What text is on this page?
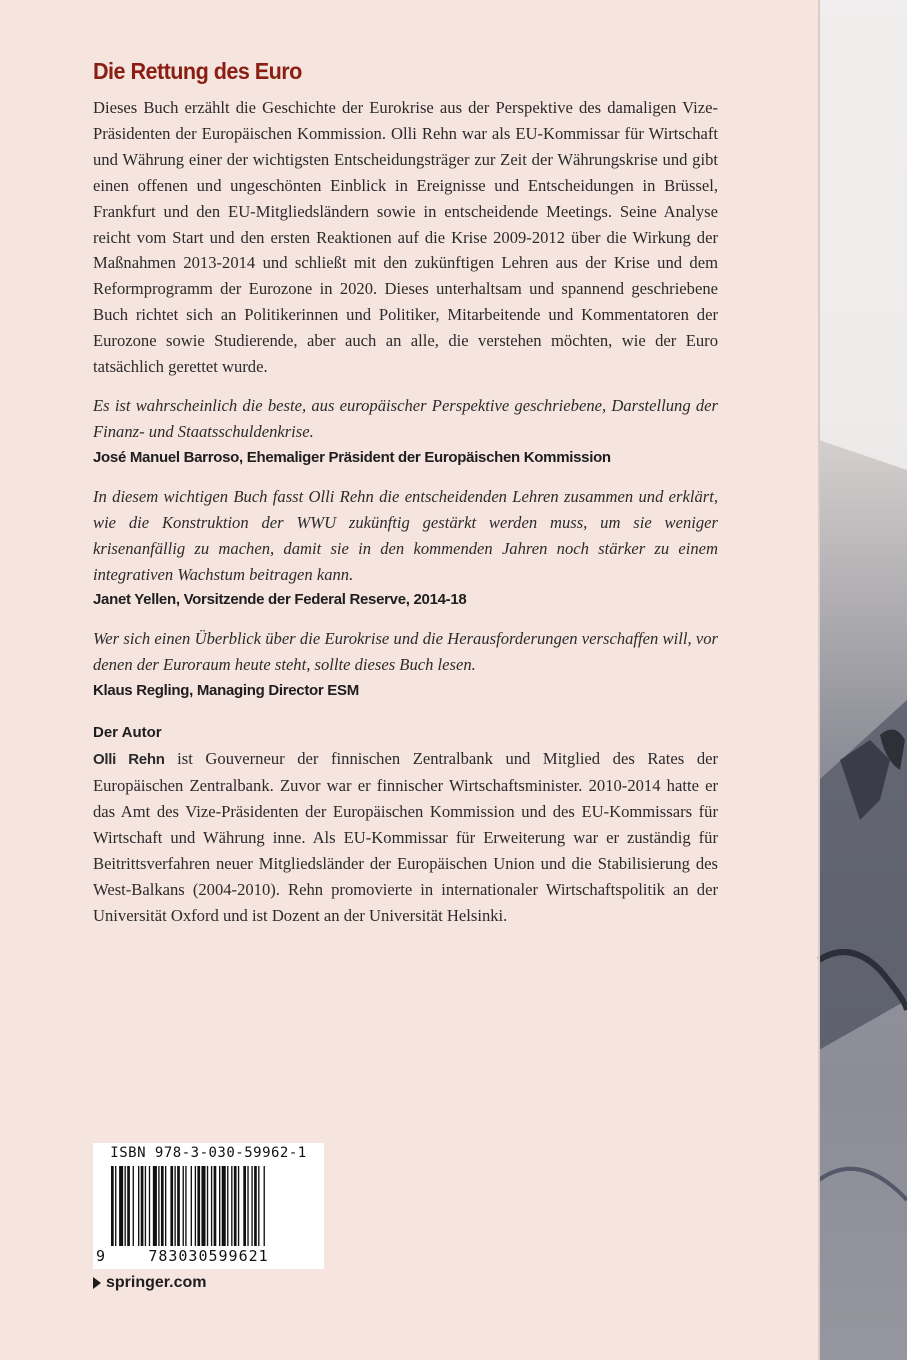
Die Rettung des Euro

Dieses Buch erzählt die Geschichte der Eurokrise aus der Perspektive des damaligen Vize-Präsidenten der Europäischen Kommission. Olli Rehn war als EU-Kommissar für Wirtschaft und Währung einer der wichtigsten Entscheidungsträger zur Zeit der Währungskrise und gibt einen offenen und ungeschönten Einblick in Ereignisse und Entscheidungen in Brüssel, Frankfurt und den EU-Mitgliedsländern sowie in entscheidende Meetings. Seine Analyse reicht vom Start und den ersten Reaktionen auf die Krise 2009-2012 über die Wirkung der Maßnahmen 2013-2014 und schließt mit den zukünftigen Lehren aus der Krise und dem Reformprogramm der Eurozone in 2020. Dieses unterhaltsam und spannend geschriebene Buch richtet sich an Politikerinnen und Politiker, Mitarbeitende und Kommentatoren der Eurozone sowie Studierende, aber auch an alle, die verstehen möchten, wie der Euro tatsächlich gerettet wurde.

Es ist wahrscheinlich die beste, aus europäischer Perspektive geschriebene, Darstellung der Finanz- und Staatsschuldenkrise.

José Manuel Barroso, Ehemaliger Präsident der Europäischen Kommission

In diesem wichtigen Buch fasst Olli Rehn die entscheidenden Lehren zusammen und erklärt, wie die Konstruktion der WWU zukünftig gestärkt werden muss, um sie weniger krisenanfällig zu machen, damit sie in den kommenden Jahren noch stärker zu einem integrativen Wachstum beitragen kann.

Janet Yellen, Vorsitzende der Federal Reserve, 2014-18

Wer sich einen Überblick über die Eurokrise und die Herausforderungen verschaffen will, vor denen der Euroraum heute steht, sollte dieses Buch lesen.

Klaus Regling, Managing Director ESM

Der Autor

Olli Rehn ist Gouverneur der finnischen Zentralbank und Mitglied des Rates der Europäischen Zentralbank. Zuvor war er finnischer Wirtschaftsminister. 2010-2014 hatte er das Amt des Vize-Präsidenten der Europäischen Kommission und des EU-Kommissars für Wirtschaft und Währung inne. Als EU-Kommissar für Erweiterung war er zuständig für Beitrittsverfahren neuer Mitgliedsländer der Europäischen Union und die Stabilisierung des West-Balkans (2004-2010). Rehn promovierte in internationaler Wirtschaftspolitik an der Universität Oxford und ist Dozent an der Universität Helsinki.

ISBN 978-3-030-59962-1
9	783030599621
springer.com
